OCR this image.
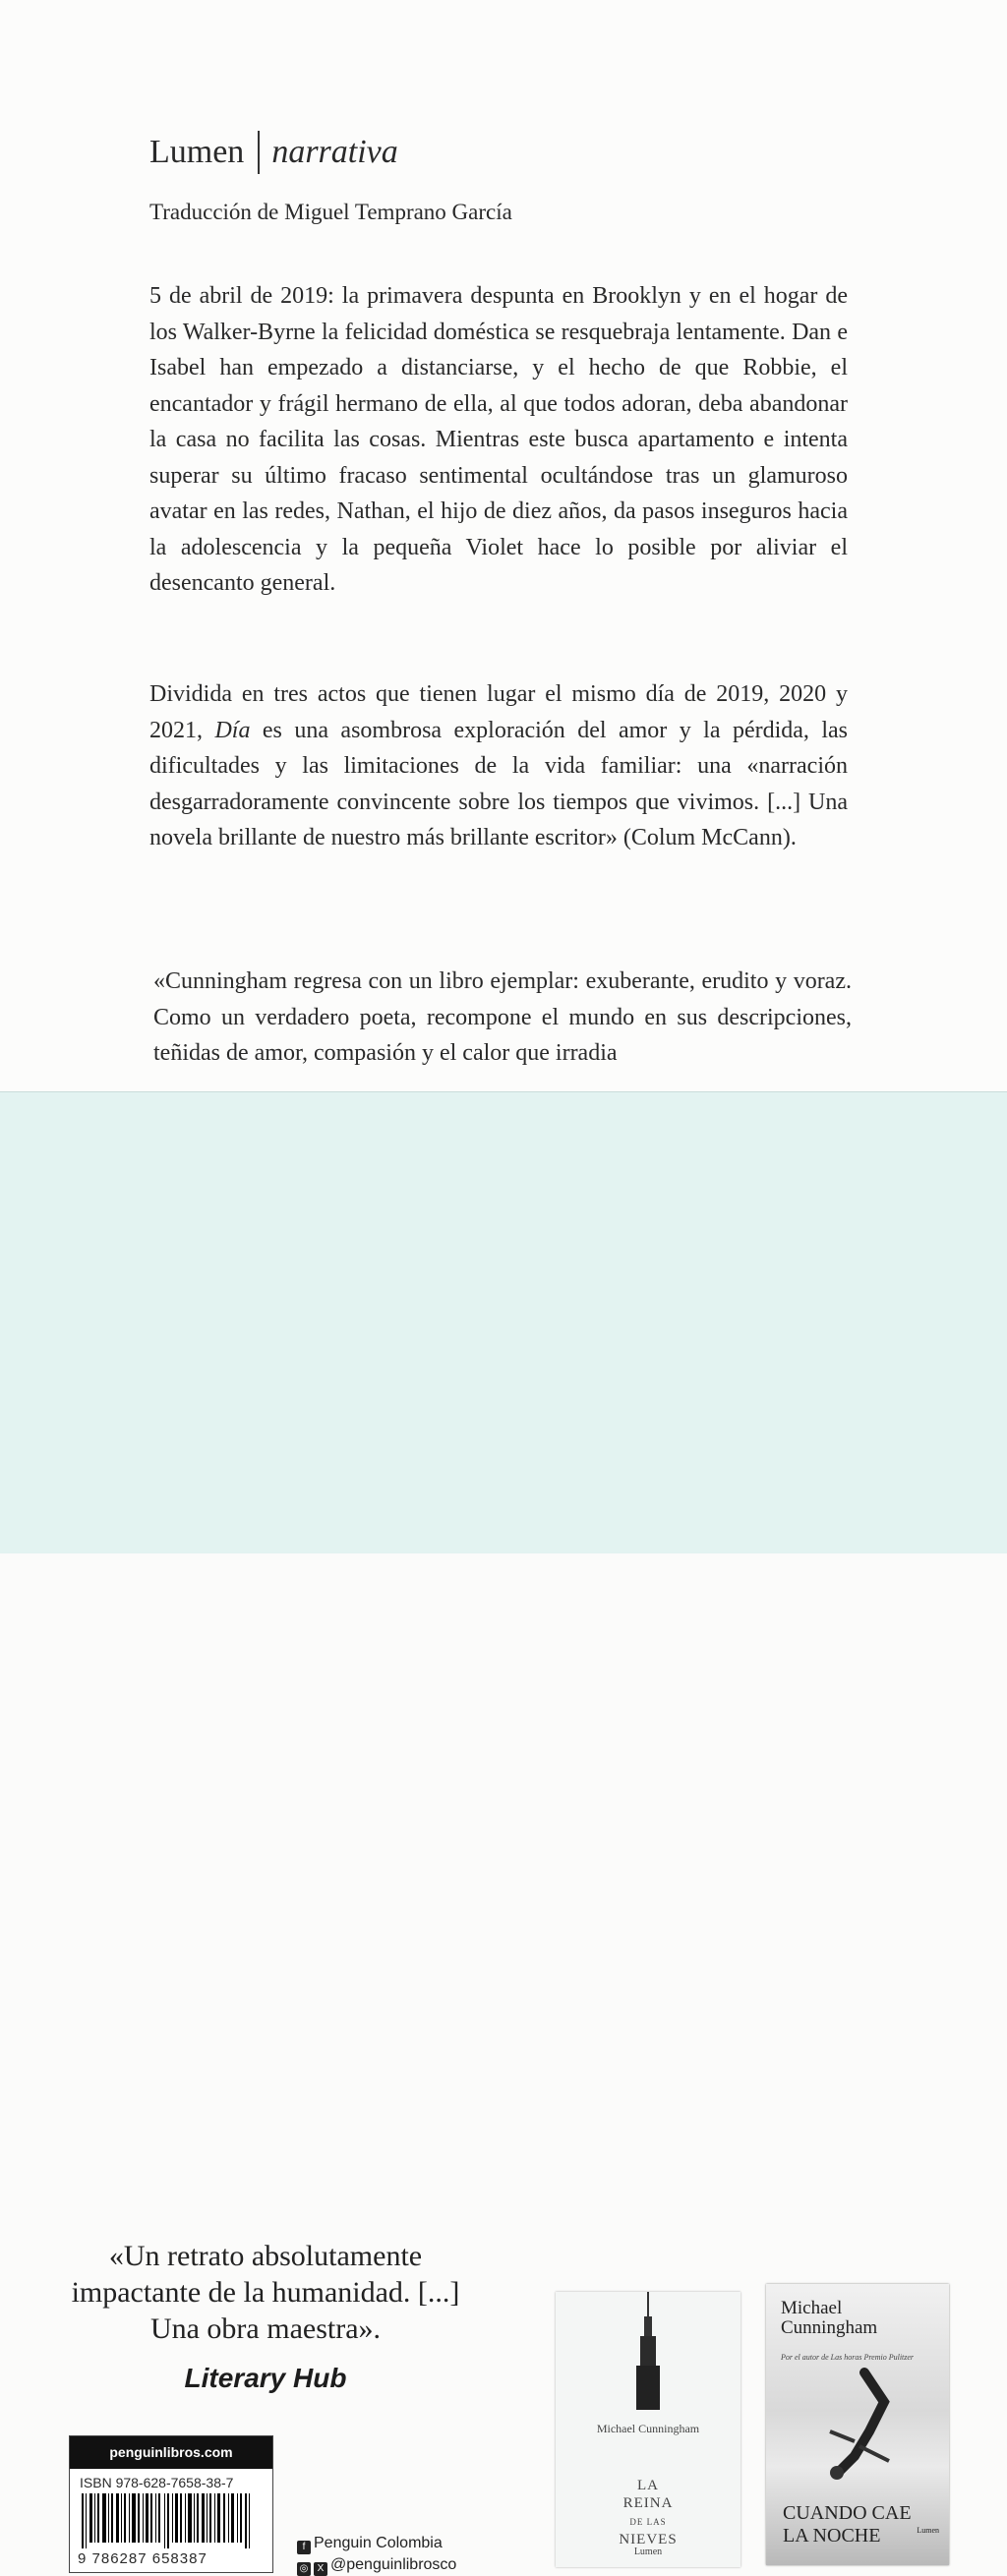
Lumen narrativa
Traducción de Miguel Temprano García
5 de abril de 2019: la primavera despunta en Brooklyn y en el hogar de los Walker-Byrne la felicidad doméstica se resquebraja lentamente. Dan e Isabel han empezado a distanciarse, y el hecho de que Robbie, el encantador y frágil hermano de ella, al que todos adoran, deba abandonar la casa no facilita las cosas. Mientras este busca apartamento e intenta superar su último fracaso sentimental ocultándose tras un glamuroso avatar en las redes, Nathan, el hijo de diez años, da pasos inseguros hacia la adolescencia y la pequeña Violet hace lo posible por aliviar el desencanto general.
Dividida en tres actos que tienen lugar el mismo día de 2019, 2020 y 2021, Día es una asombrosa exploración del amor y la pérdida, las dificultades y las limitaciones de la vida familiar: una «narración desgarradoramente convincente sobre los tiempos que vivimos. [...] Una novela brillante de nuestro más brillante escritor» (Colum McCann).
«Cunningham regresa con un libro ejemplar: exuberante, erudito y voraz. Como un verdadero poeta, recompone el mundo en sus descripciones, teñidas de amor, compasión y el calor que irradia
«Un retrato absolutamente impactante de la humanidad. [...] Una obra maestra».
Literary Hub
penguinlibros.com
ISBN 978-628-7658-38-7
9 786287 658387
f Penguin Colombia
◎ X @penguinlibrosco
Michael Cunningham
LA
REINA
DE LAS
NIEVES
Lumen
Michael
Cunningham
Por el autor de Las horas Premio Pulitzer
CUANDO CAE
LA NOCHE	Lumen
